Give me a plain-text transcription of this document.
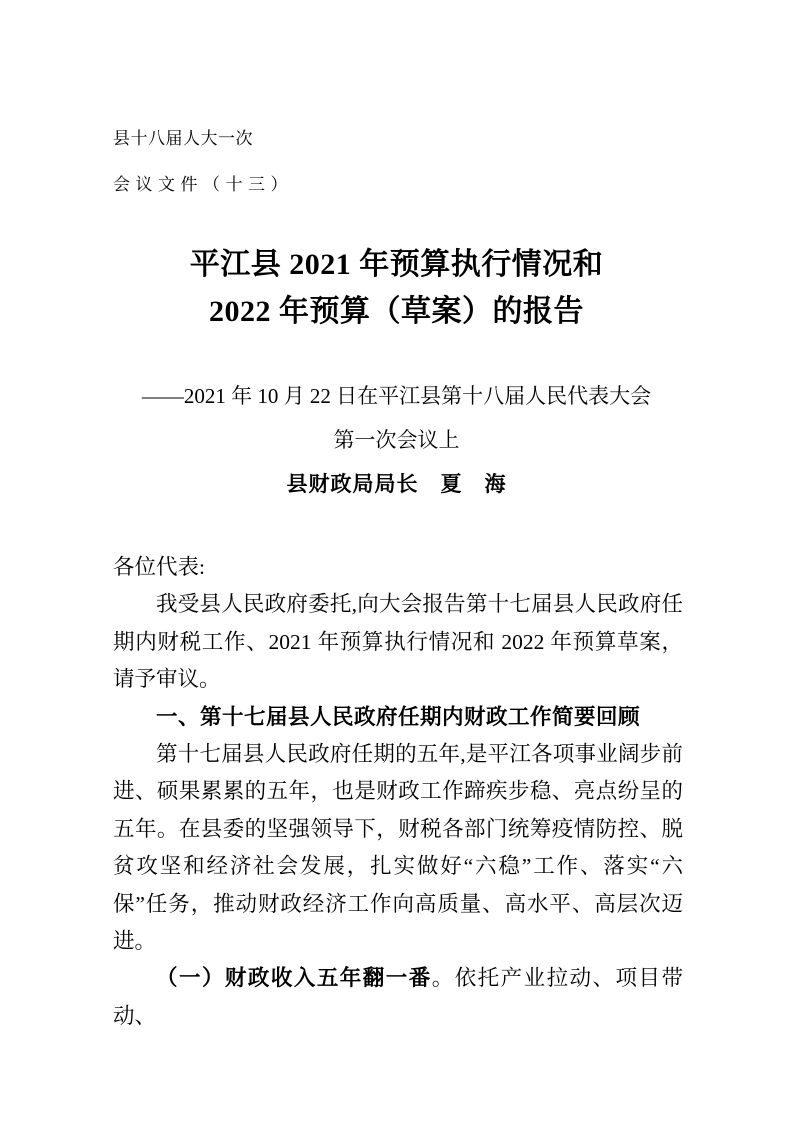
县十八届人大一次
会议文件（十三）
平江县 2021 年预算执行情况和
2022 年预算（草案）的报告
——2021 年 10 月 22 日在平江县第十八届人民代表大会
第一次会议上
县财政局局长　夏　海

各位代表:

我受县人民政府委托,向大会报告第十七届县人民政府任期内财税工作、2021 年预算执行情况和 2022 年预算草案，请予审议。

一、第十七届县人民政府任期内财政工作简要回顾

第十七届县人民政府任期的五年,是平江各项事业阔步前进、硕果累累的五年，也是财政工作蹄疾步稳、亮点纷呈的五年。在县委的坚强领导下，财税各部门统筹疫情防控、脱贫攻坚和经济社会发展，扎实做好“六稳”工作、落实“六保”任务，推动财政经济工作向高质量、高水平、高层次迈进。

（一）财政收入五年翻一番。依托产业拉动、项目带动、
